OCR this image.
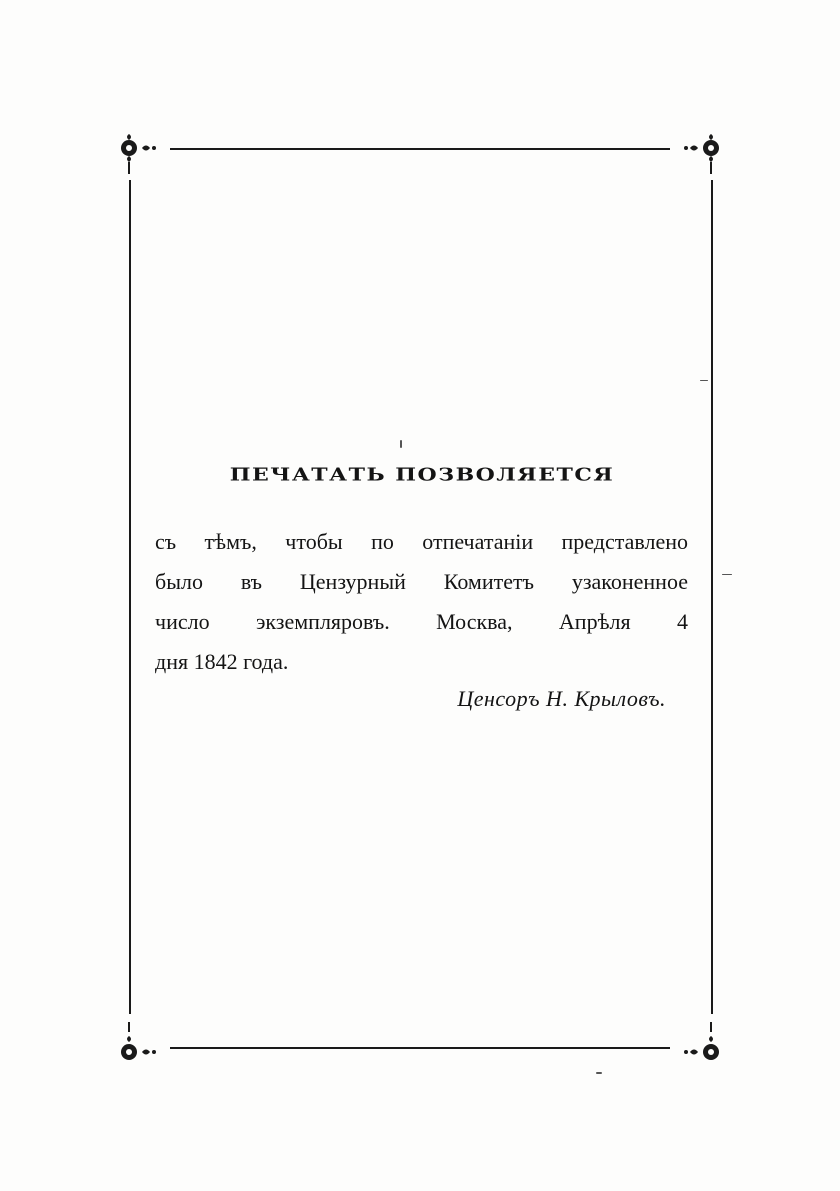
ПЕЧАТАТЬ ПОЗВОЛЯЕТСЯ
съ тѣмъ, чтобы по отпечатаніи представлено
было въ Цензурный Комитетъ узаконенное
число экземпляровъ. Москва, Апрѣля 4
дня 1842 года.
Ценсоръ Н. Крыловъ.
